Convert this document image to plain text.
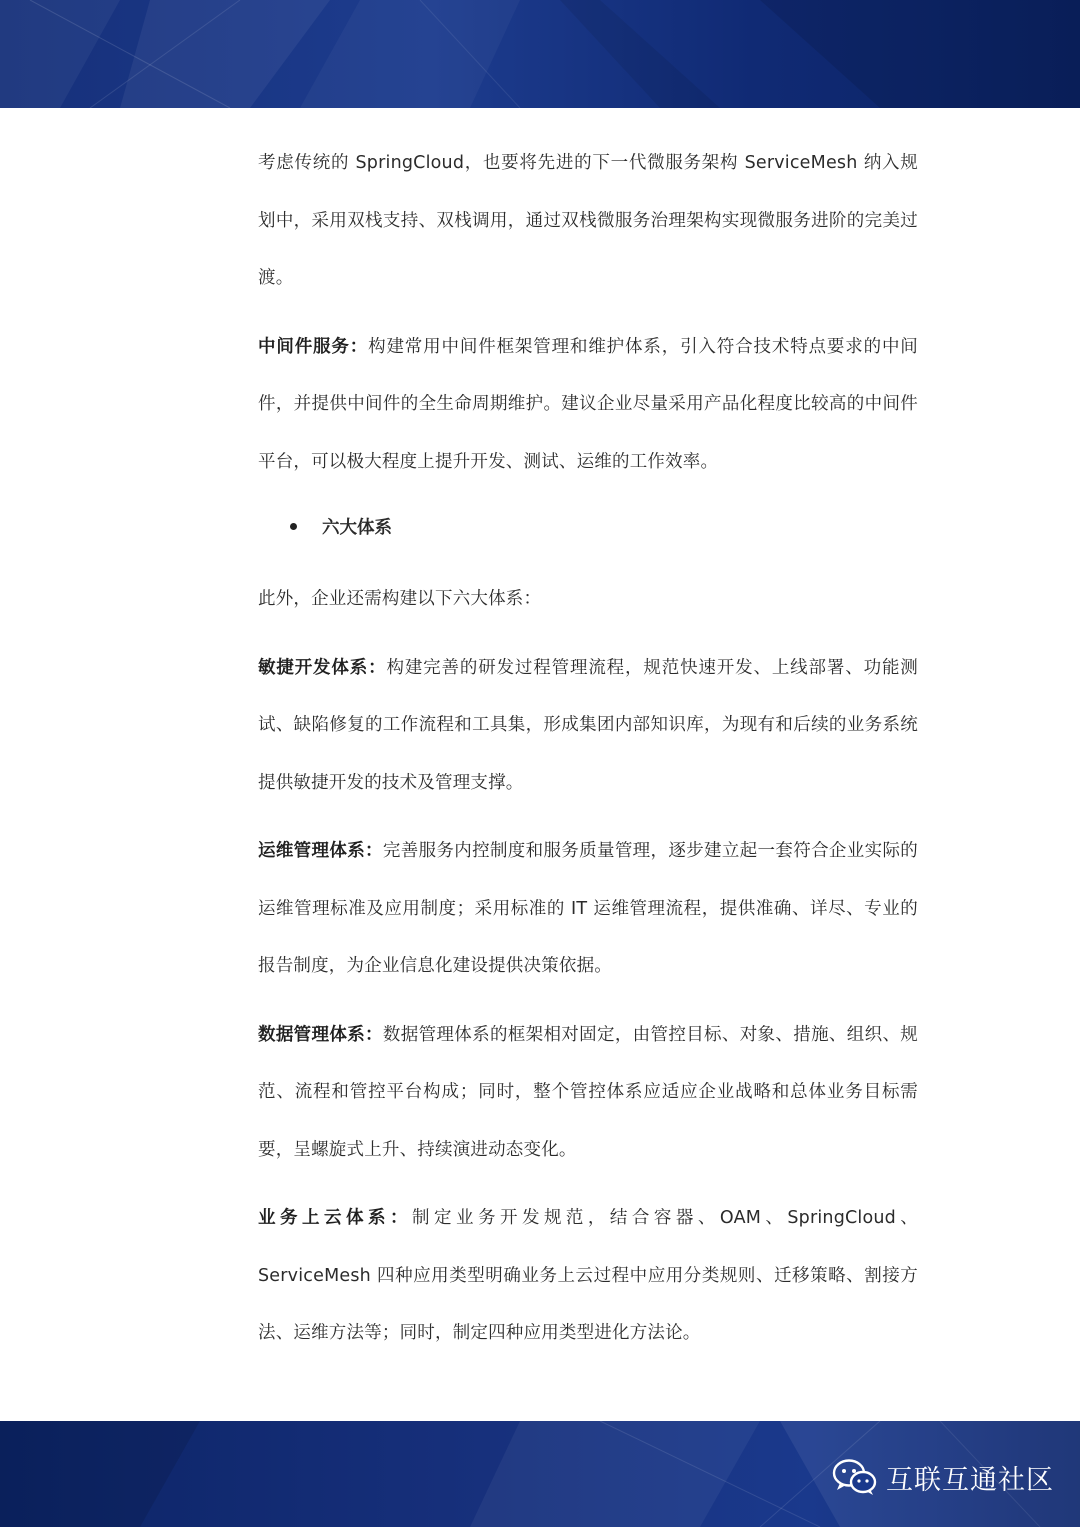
考虑传统的 SpringCloud，也要将先进的下一代微服务架构 ServiceMesh 纳入规划中，采用双栈支持、双栈调用，通过双栈微服务治理架构实现微服务进阶的完美过渡。

中间件服务：构建常用中间件框架管理和维护体系，引入符合技术特点要求的中间件，并提供中间件的全生命周期维护。建议企业尽量采用产品化程度比较高的中间件平台，可以极大程度上提升开发、测试、运维的工作效率。

六大体系

此外，企业还需构建以下六大体系：

敏捷开发体系：构建完善的研发过程管理流程，规范快速开发、上线部署、功能测试、缺陷修复的工作流程和工具集，形成集团内部知识库，为现有和后续的业务系统提供敏捷开发的技术及管理支撑。

运维管理体系：完善服务内控制度和服务质量管理，逐步建立起一套符合企业实际的运维管理标准及应用制度；采用标准的 IT 运维管理流程，提供准确、详尽、专业的报告制度，为企业信息化建设提供决策依据。

数据管理体系：数据管理体系的框架相对固定，由管控目标、对象、措施、组织、规范、流程和管控平台构成；同时，整个管控体系应适应企业战略和总体业务目标需要，呈螺旋式上升、持续演进动态变化。

业务上云体系：制定业务开发规范，结合容器、OAM、SpringCloud、ServiceMesh 四种应用类型明确业务上云过程中应用分类规则、迁移策略、割接方法、运维方法等；同时，制定四种应用类型进化方法论。

互联互通社区
